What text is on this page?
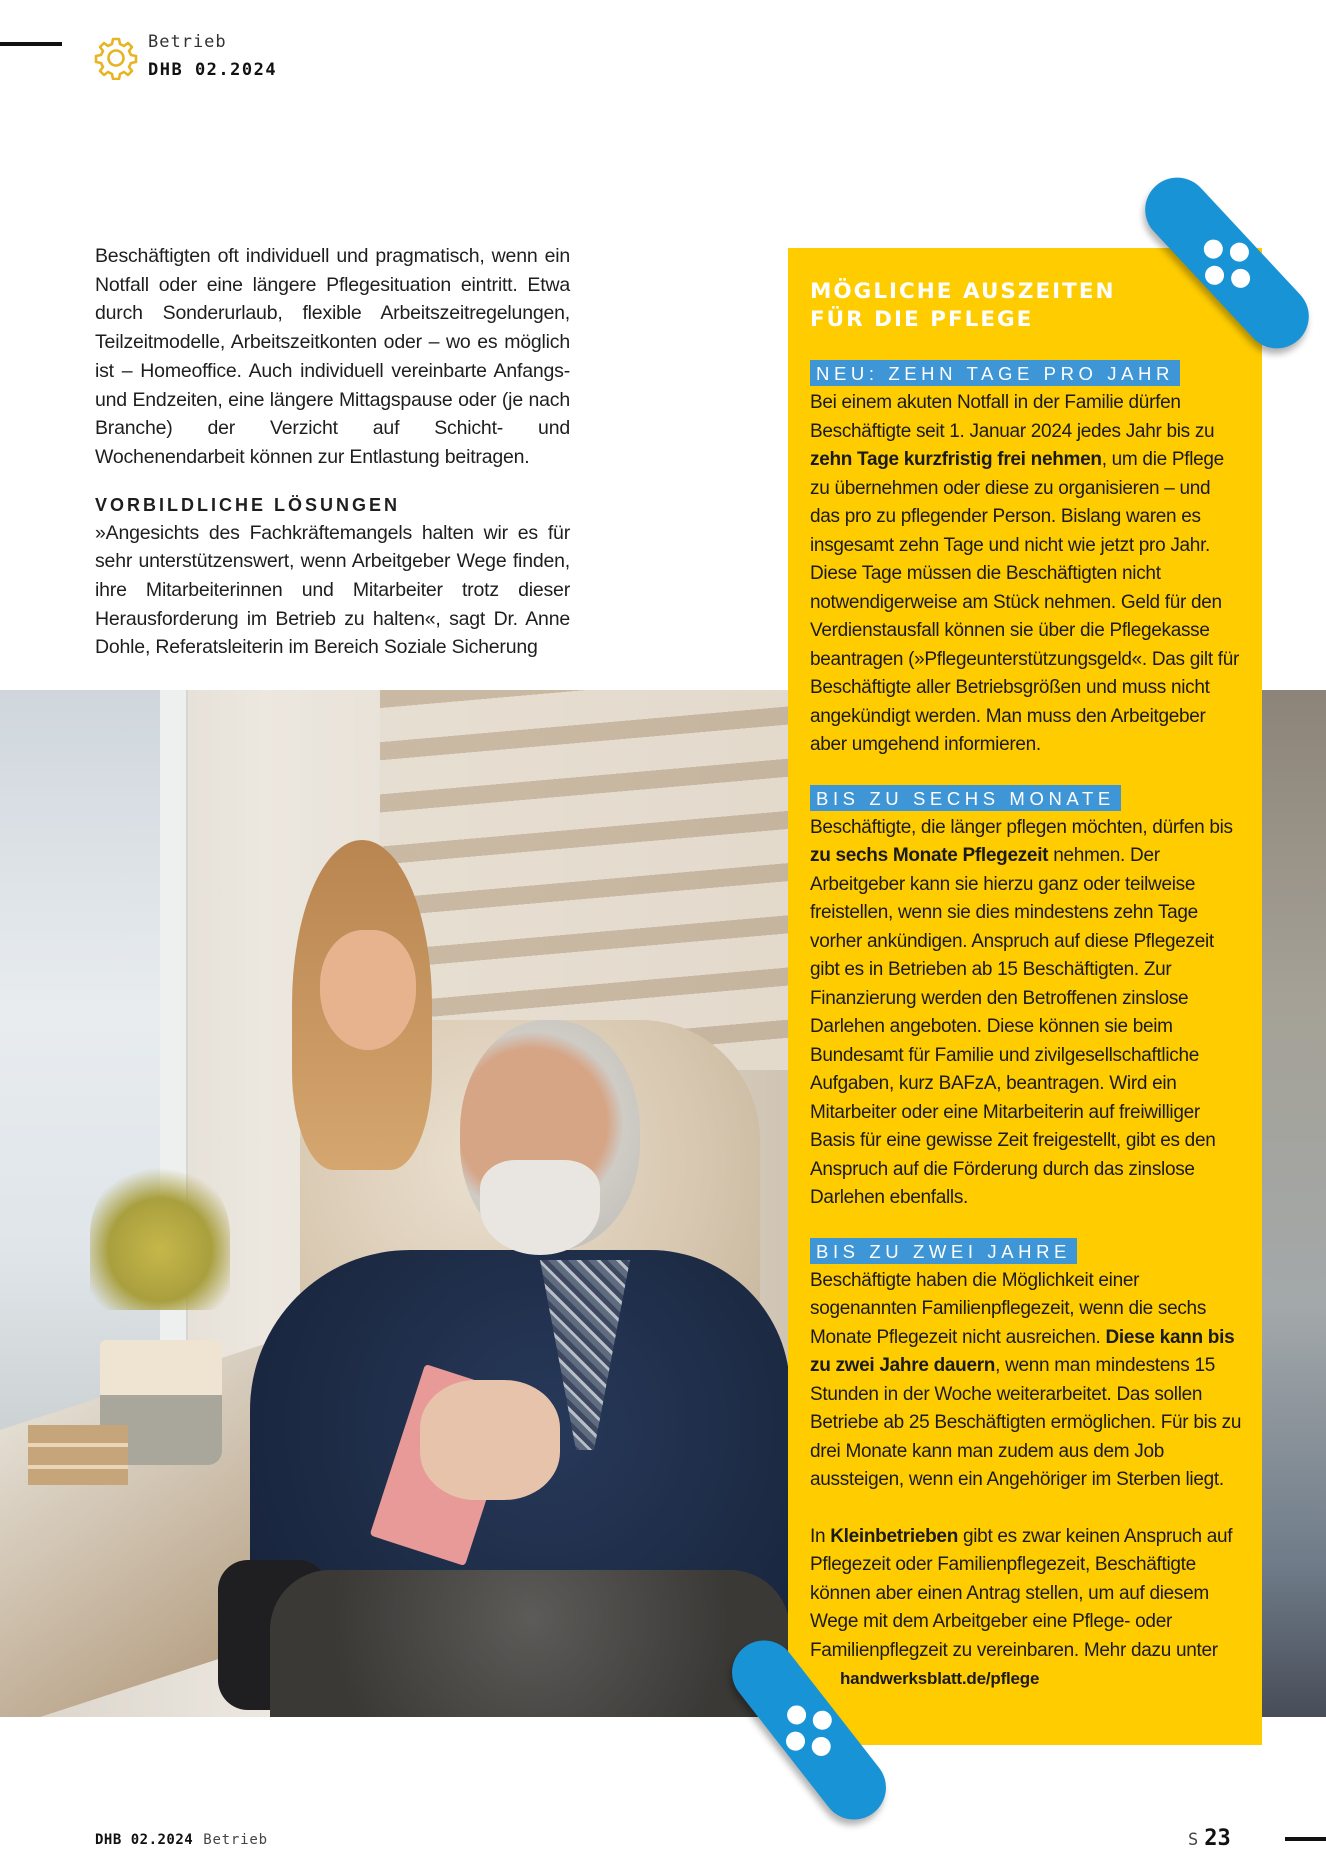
Betrieb
DHB 02.2024

Beschäftigten oft individuell und pragmatisch, wenn ein Notfall oder eine längere Pflegesituation eintritt. Etwa durch Sonderurlaub, flexible Arbeitszeitregelungen, Teilzeitmodelle, Arbeitszeitkonten oder – wo es möglich ist – Homeoffice. Auch individuell vereinbarte Anfangs- und Endzeiten, eine längere Mittagspause oder (je nach Branche) der Verzicht auf Schicht- und Wochenendarbeit können zur Entlastung beitragen.

VORBILDLICHE LÖSUNGEN

»Angesichts des Fachkräftemangels halten wir es für sehr unterstützenswert, wenn Arbeitgeber Wege finden, ihre Mitarbeiterinnen und Mitarbeiter trotz dieser Herausforderung im Betrieb zu halten«, sagt Dr. Anne Dohle, Referatsleiterin im Bereich Soziale Sicherung

MÖGLICHE AUSZEITEN
FÜR DIE PFLEGE
NEU: ZEHN TAGE PRO JAHR

Bei einem akuten Notfall in der Familie dürfen Beschäftigte seit 1. Januar 2024 jedes Jahr bis zu zehn Tage kurzfristig frei nehmen, um die Pflege zu übernehmen oder diese zu organisieren – und das pro zu pflegender Person. Bislang waren es insgesamt zehn Tage und nicht wie jetzt pro Jahr. Diese Tage müssen die Beschäftigten nicht notwendigerweise am Stück nehmen. Geld für den Verdienstausfall können sie über die Pflegekasse beantragen (»Pflegeunterstützungsgeld«. Das gilt für Beschäftigte aller Betriebsgrößen und muss nicht angekündigt werden. Man muss den Arbeitgeber aber umgehend informieren.

BIS ZU SECHS MONATE

Beschäftigte, die länger pflegen möchten, dürfen bis zu sechs Monate Pflegezeit nehmen. Der Arbeitgeber kann sie hierzu ganz oder teilweise freistellen, wenn sie dies mindestens zehn Tage vorher ankündigen. Anspruch auf diese Pflegezeit gibt es in Betrieben ab 15 Beschäftigten. Zur Finanzierung werden den Betroffenen zinslose Darlehen angeboten. Diese können sie beim Bundesamt für Familie und zivilgesellschaftliche Aufgaben, kurz BAFzA, beantragen. Wird ein Mitarbeiter oder eine Mitarbeiterin auf freiwilliger Basis für eine gewisse Zeit freigestellt, gibt es den Anspruch auf die Förderung durch das zinslose Darlehen ebenfalls.

BIS ZU ZWEI JAHRE

Beschäftigte haben die Möglichkeit einer sogenannten Familienpflegezeit, wenn die sechs Monate Pflegezeit nicht ausreichen. Diese kann bis zu zwei Jahre dauern, wenn man mindestens 15 Stunden in der Woche weiterarbeitet. Das sollen Betriebe ab 25 Beschäftigten ermöglichen. Für bis zu drei Monate kann man zudem aus dem Job aussteigen, wenn ein Angehöriger im Sterben liegt.

In Kleinbetrieben gibt es zwar keinen Anspruch auf Pflegezeit oder Familienpflegezeit, Beschäftigte können aber einen Antrag stellen, um auf diesem Wege mit dem Arbeitgeber eine Pflege- oder Familienpflegzeit zu vereinbaren. Mehr dazu unter
handwerksblatt.de/pflege

DHB 02.2024 Betrieb	S 23
